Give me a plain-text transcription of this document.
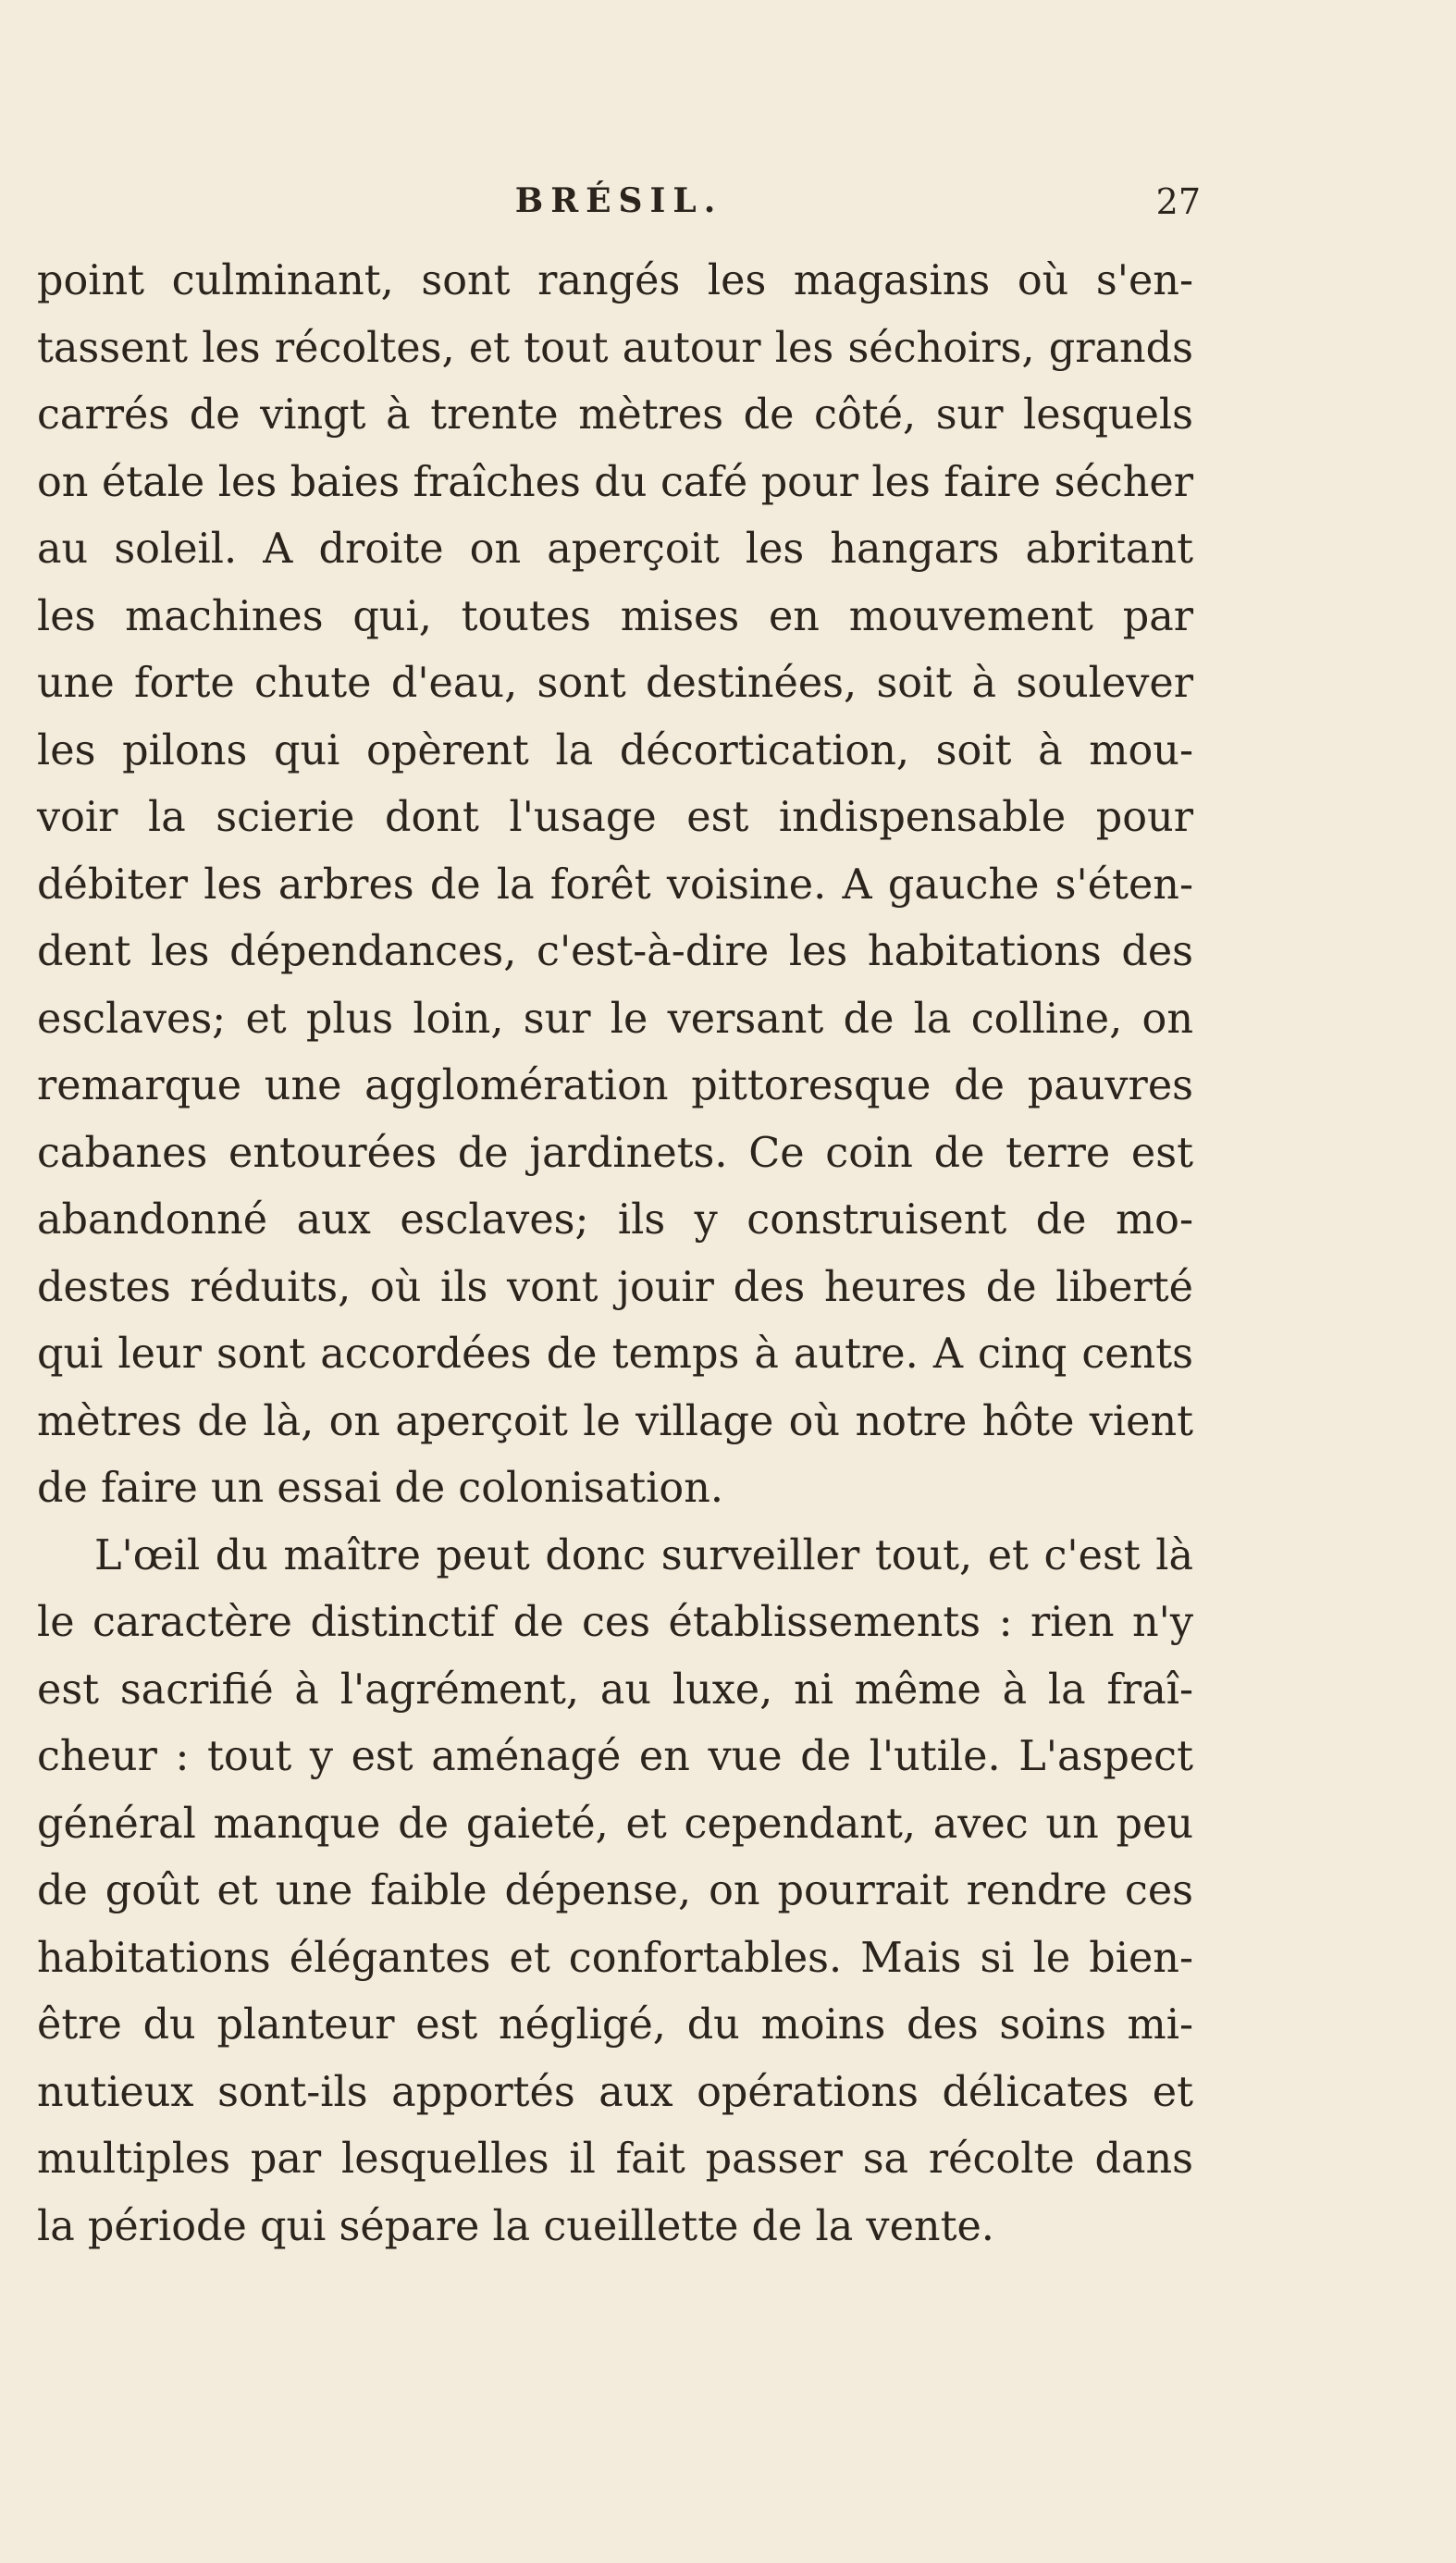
BRÉSIL.	27
point culminant, sont rangés les magasins où s'en-
tassent les récoltes, et tout autour les séchoirs, grands
carrés de vingt à trente mètres de côté, sur lesquels
on étale les baies fraîches du café pour les faire sécher
au soleil. A droite on aperçoit les hangars abritant
les machines qui, toutes mises en mouvement par
une forte chute d'eau, sont destinées, soit à soulever
les pilons qui opèrent la décortication, soit à mou-
voir la scierie dont l'usage est indispensable pour
débiter les arbres de la forêt voisine. A gauche s'éten-
dent les dépendances, c'est-à-dire les habitations des
esclaves; et plus loin, sur le versant de la colline, on
remarque une agglomération pittoresque de pauvres
cabanes entourées de jardinets. Ce coin de terre est
abandonné aux esclaves; ils y construisent de mo-
destes réduits, où ils vont jouir des heures de liberté
qui leur sont accordées de temps à autre. A cinq cents
mètres de là, on aperçoit le village où notre hôte vient
de faire un essai de colonisation.
L'œil du maître peut donc surveiller tout, et c'est là
le caractère distinctif de ces établissements : rien n'y
est sacrifié à l'agrément, au luxe, ni même à la fraî-
cheur : tout y est aménagé en vue de l'utile. L'aspect
général manque de gaieté, et cependant, avec un peu
de goût et une faible dépense, on pourrait rendre ces
habitations élégantes et confortables. Mais si le bien-
être du planteur est négligé, du moins des soins mi-
nutieux sont-ils apportés aux opérations délicates et
multiples par lesquelles il fait passer sa récolte dans
la période qui sépare la cueillette de la vente.
